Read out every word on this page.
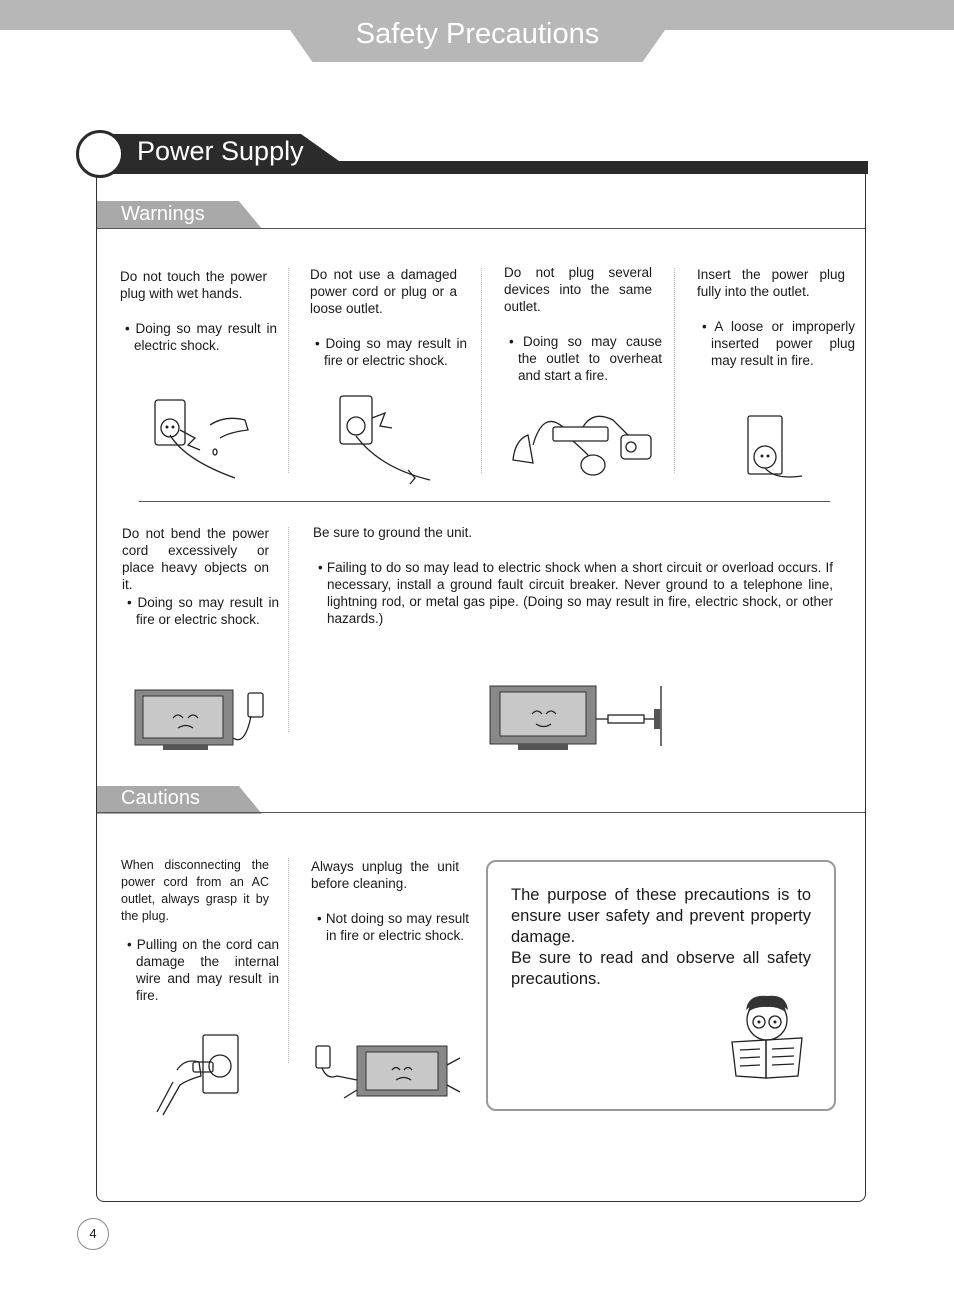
Safety Precautions
Power Supply
Warnings
Do not touch the power plug with wet hands.
• Doing so may result in electric shock.
Do not use a damaged power cord or plug or a loose outlet.
• Doing so may result in fire or electric shock.
Do not plug several devices into the same outlet.
• Doing so may cause the outlet to overheat and start a fire.
Insert the power plug fully into the outlet.
• A loose or improperly inserted power plug may result in fire.
Do not bend the power cord excessively or place heavy objects on it.
• Doing so may result in fire or electric shock.
Be sure to ground the unit.
• Failing to do so may lead to electric shock when a short circuit or overload occurs. If necessary, install a ground fault circuit breaker. Never ground to a telephone line, lightning rod, or metal gas pipe. (Doing so may result in fire, electric shock, or other hazards.)
Cautions
When disconnecting the power cord from an AC outlet, always grasp it by the plug.
• Pulling on the cord can damage the internal wire and may result in fire.
Always unplug the unit before cleaning.
• Not doing so may result in fire or electric shock.
The purpose of these precautions is to ensure user safety and prevent property damage.
Be sure to read and observe all safety precautions.
4
